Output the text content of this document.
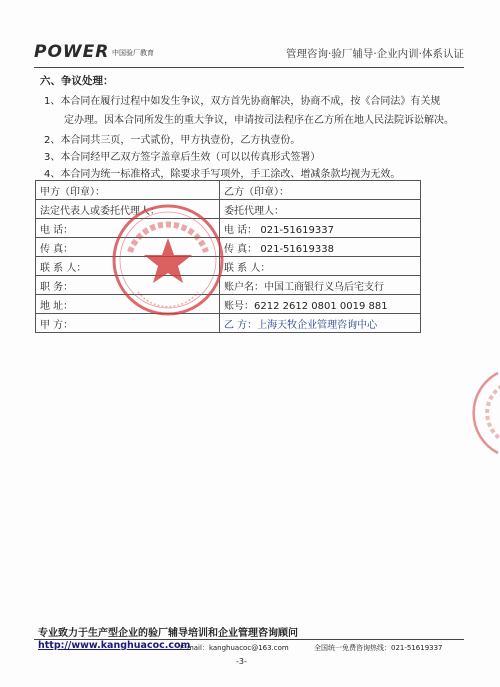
POWER 中国验厂教育	管理咨询·验厂辅导·企业内训·体系认证
六、争议处理：
1、本合同在履行过程中如发生争议，双方首先协商解决，协商不成，按《合同法》有关规
定办理。因本合同所发生的重大争议，申请按司法程序在乙方所在地人民法院诉讼解决。
2、本合同共三页，一式贰份，甲方执壹份，乙方执壹份。
3、本合同经甲乙双方签字盖章后生效（可以以传真形式签署）
4、本合同为统一标准格式，除要求手写项外，手工涂改、增减条款均视为无效。
甲方（印章）：	乙方（印章）：
法定代表人或委托代理人：	委托代理人：
电 话：	电 话： 021-51619337
传 真：	传 真： 021-51619338
联 系 人：	联 系 人：
职 务：	账户名：中国工商银行义乌后宅支行
地 址：	账号：6212 2612 0801 0019 881
甲 方：	乙 方：上海天牧企业管理咨询中心
专业致力于生产型企业的验厂辅导培训和企业管理咨询顾问
http://www.kanghuacoc.com
E-mail：kanghuacoc@163.com	全国统一免费咨询热线：021-51619337
-3-
